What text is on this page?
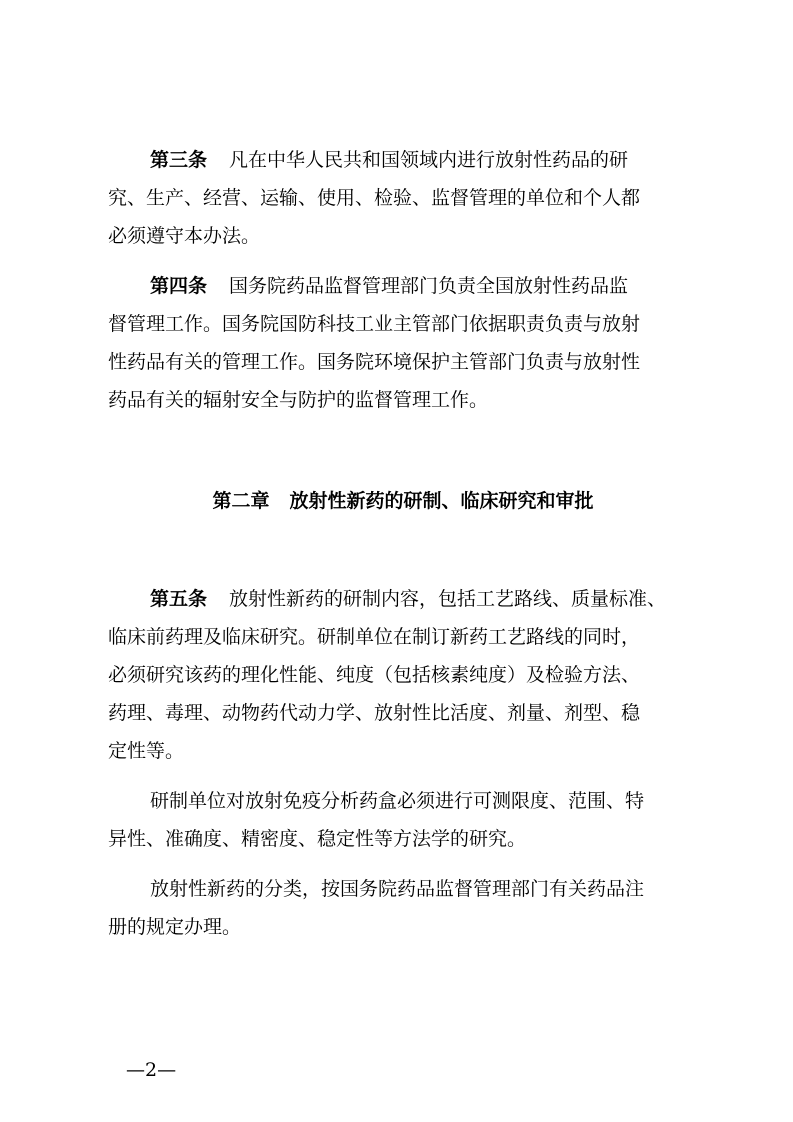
第三条 凡在中华人民共和国领域内进行放射性药品的研
究、生产、经营、运输、使用、检验、监督管理的单位和个人都
必须遵守本办法。
第四条 国务院药品监督管理部门负责全国放射性药品监
督管理工作。国务院国防科技工业主管部门依据职责负责与放射
性药品有关的管理工作。国务院环境保护主管部门负责与放射性
药品有关的辐射安全与防护的监督管理工作。
第二章 放射性新药的研制、临床研究和审批
第五条 放射性新药的研制内容，包括工艺路线、质量标准、
临床前药理及临床研究。研制单位在制订新药工艺路线的同时，
必须研究该药的理化性能、纯度（包括核素纯度）及检验方法、
药理、毒理、动物药代动力学、放射性比活度、剂量、剂型、稳
定性等。
研制单位对放射免疫分析药盒必须进行可测限度、范围、特
异性、准确度、精密度、稳定性等方法学的研究。
放射性新药的分类，按国务院药品监督管理部门有关药品注
册的规定办理。
—2—
